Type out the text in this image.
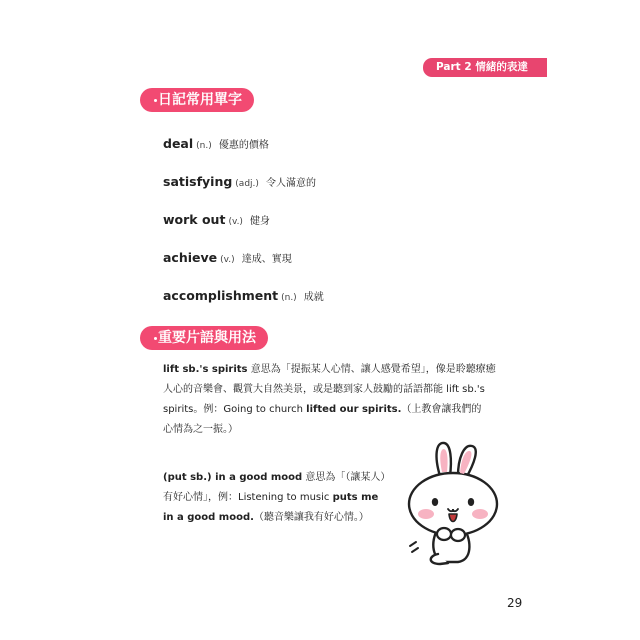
Part 2 情緒的表達
日記常用單字
deal (n.) 優惠的價格
satisfying (adj.) 令人滿意的
work out (v.) 健身
achieve (v.) 達成、實現
accomplishment (n.) 成就
重要片語與用法
lift sb.'s spirits 意思為「提振某人心情、讓人感覺希望」，像是聆聽療癒
人心的音樂會、觀賞大自然美景，或是聽到家人鼓勵的話語都能 lift sb.'s
spirits。例：Going to church lifted our spirits.（上教會讓我們的
心情為之一振。）
(put sb.) in a good mood 意思為「（讓某人）
有好心情」，例：Listening to music puts me
in a good mood.（聽音樂讓我有好心情。）
29
